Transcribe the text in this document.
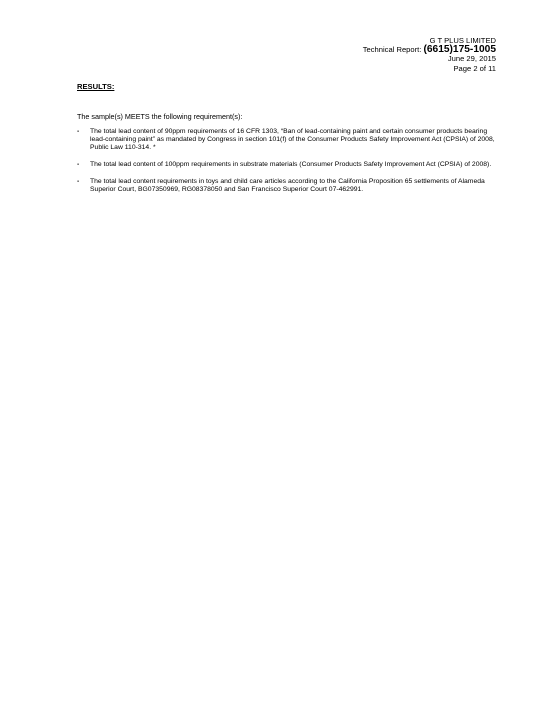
G T PLUS LIMITED
Technical Report: (6615)175-1005
June 29, 2015
Page 2 of 11
RESULTS:
The sample(s) MEETS the following requirement(s):
- The total lead content of 90ppm requirements of 16 CFR 1303, “Ban of lead-containing paint and certain consumer products bearing lead-containing paint” as mandated by Congress in section 101(f) of the Consumer Products Safety Improvement Act (CPSIA) of 2008, Public Law 110-314. *
- The total lead content of 100ppm requirements in substrate materials (Consumer Products Safety Improvement Act (CPSIA) of 2008).
- The total lead content requirements in toys and child care articles according to the California Proposition 65 settlements of Alameda Superior Court, BG07350969, RG08378050 and San Francisco Superior Court 07-462991.
